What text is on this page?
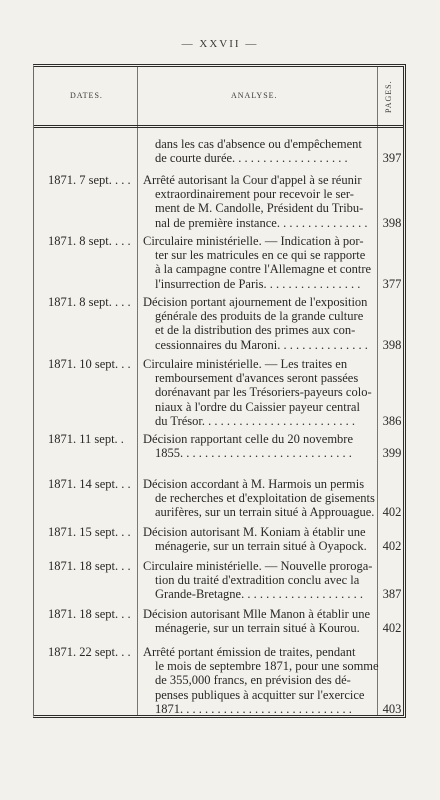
— XXVII —
DATES.	ANALYSE.	PAGES.
dans les cas d'absence ou d'empêchement
de courte durée. . . . . . . . . . . . . . . . . . .	397
1871. 7 sept. . . . Arrêté autorisant la Cour d'appel à se réunir
extraordinairement pour recevoir le ser-
ment de M. Candolle, Président du Tribu-
nal de première instance. . . . . . . . . . . . . . .	398
1871. 8 sept. . . . Circulaire ministérielle. — Indication à por-
ter sur les matricules en ce qui se rapporte
à la campagne contre l'Allemagne et contre
l'insurrection de Paris. . . . . . . . . . . . . . . .	377
1871. 8 sept. . . . Décision portant ajournement de l'exposition
générale des produits de la grande culture
et de la distribution des primes aux con-
cessionnaires du Maroni. . . . . . . . . . . . . . .	398
1871. 10 sept. . . Circulaire ministérielle. — Les traites en
remboursement d'avances seront passées
dorénavant par les Trésoriers-payeurs colo-
niaux à l'ordre du Caissier payeur central
du Trésor. . . . . . . . . . . . . . . . . . . . . . . . .	386
1871. 11 sept. . Décision rapportant celle du 20 novembre
1855. . . . . . . . . . . . . . . . . . . . . . . . . . . .	399
1871. 14 sept. . . Décision accordant à M. Harmois un permis
de recherches et d'exploitation de gisements
aurifères, sur un terrain situé à Approuague. 402
1871. 15 sept. . . Décision autorisant M. Koniam à établir une
ménagerie, sur un terrain situé à Oyapock.	402
1871. 18 sept. . . Circulaire ministérielle. — Nouvelle proroga-
tion du traité d'extradition conclu avec la
Grande-Bretagne. . . . . . . . . . . . . . . . . . . .	387
1871. 18 sept. . . Décision autorisant Mlle Manon à établir une
ménagerie, sur un terrain situé à Kourou.	402
1871. 22 sept. . . Arrêté portant émission de traites, pendant
le mois de septembre 1871, pour une somme
de 355,000 francs, en prévision des dé-
penses publiques à acquitter sur l'exercice
1871. . . . . . . . . . . . . . . . . . . . . . . . . . . .	403
